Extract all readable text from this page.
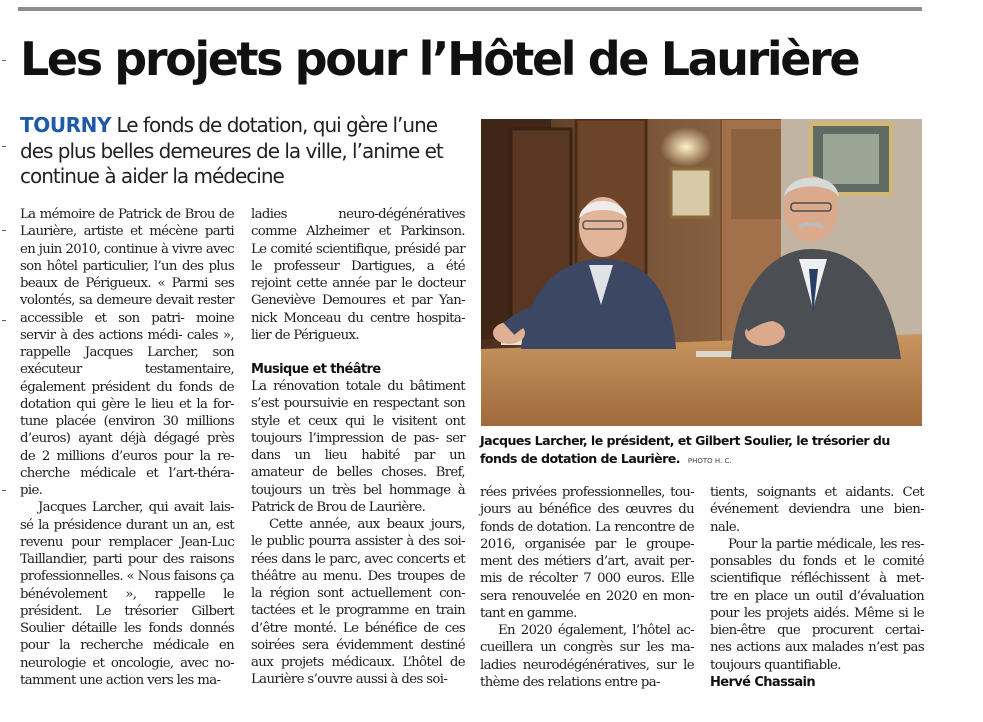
Les projets pour l’Hôtel de Laurière

TOURNY Le fonds de dotation, qui gère l’une des plus belles demeures de la ville, l’anime et continue à aider la médecine

La mémoire de Patrick de Brou de Laurière, artiste et mécène parti en juin 2010, continue à vivre avec son hôtel particulier, l’un des plus beaux de Périgueux. « Parmi ses volontés, sa demeure devait rester accessible et son patri- moine servir à des actions médi- cales », rappelle Jacques Larcher, son exécuteur testamentaire, également président du fonds de dotation qui gère le lieu et la for- tune placée (environ 30 millions d’euros) ayant déjà dégagé près de 2 millions d’euros pour la re- cherche médicale et l’art-théra- pie.

Jacques Larcher, qui avait lais- sé la présidence durant un an, est revenu pour remplacer Jean-Luc Taillandier, parti pour des raisons professionnelles. « Nous faisons ça bénévolement », rappelle le président. Le trésorier Gilbert Soulier détaille les fonds donnés pour la recherche médicale en neurologie et oncologie, avec no- tamment une action vers les ma-

ladies neuro-dégénératives comme Alzheimer et Parkinson. Le comité scientifique, présidé par le professeur Dartigues, a été rejoint cette année par le docteur Geneviève Demoures et par Yan- nick Monceau du centre hospita- lier de Périgueux.

Musique et théâtre

La rénovation totale du bâtiment s’est poursuivie en respectant son style et ceux qui le visitent ont toujours l’impression de pas- ser dans un lieu habité par un amateur de belles choses. Bref, toujours un très bel hommage à Patrick de Brou de Laurière.

Cette année, aux beaux jours, le public pourra assister à des soi- rées dans le parc, avec concerts et théâtre au menu. Des troupes de la région sont actuellement con- tactées et le programme en train d’être monté. Le bénéfice de ces soirées sera évidemment destiné aux projets médicaux. L’hôtel de Laurière s’ouvre aussi à des soi-

Jacques Larcher, le président, et Gilbert Soulier, le trésorier du fonds de dotation de Laurière. PHOTO H. C.

rées privées professionnelles, tou- jours au bénéfice des œuvres du fonds de dotation. La rencontre de 2016, organisée par le groupe- ment des métiers d’art, avait per- mis de récolter 7 000 euros. Elle sera renouvelée en 2020 en mon- tant en gamme.

En 2020 également, l’hôtel ac- cueillera un congrès sur les ma- ladies neurodégénératives, sur le thème des relations entre pa-

tients, soignants et aidants. Cet événement deviendra une bien- nale.

Pour la partie médicale, les res- ponsables du fonds et le comité scientifique réfléchissent à met- tre en place un outil d’évaluation pour les projets aidés. Même si le bien-être que procurent certai- nes actions aux malades n’est pas toujours quantifiable.

Hervé Chassain
